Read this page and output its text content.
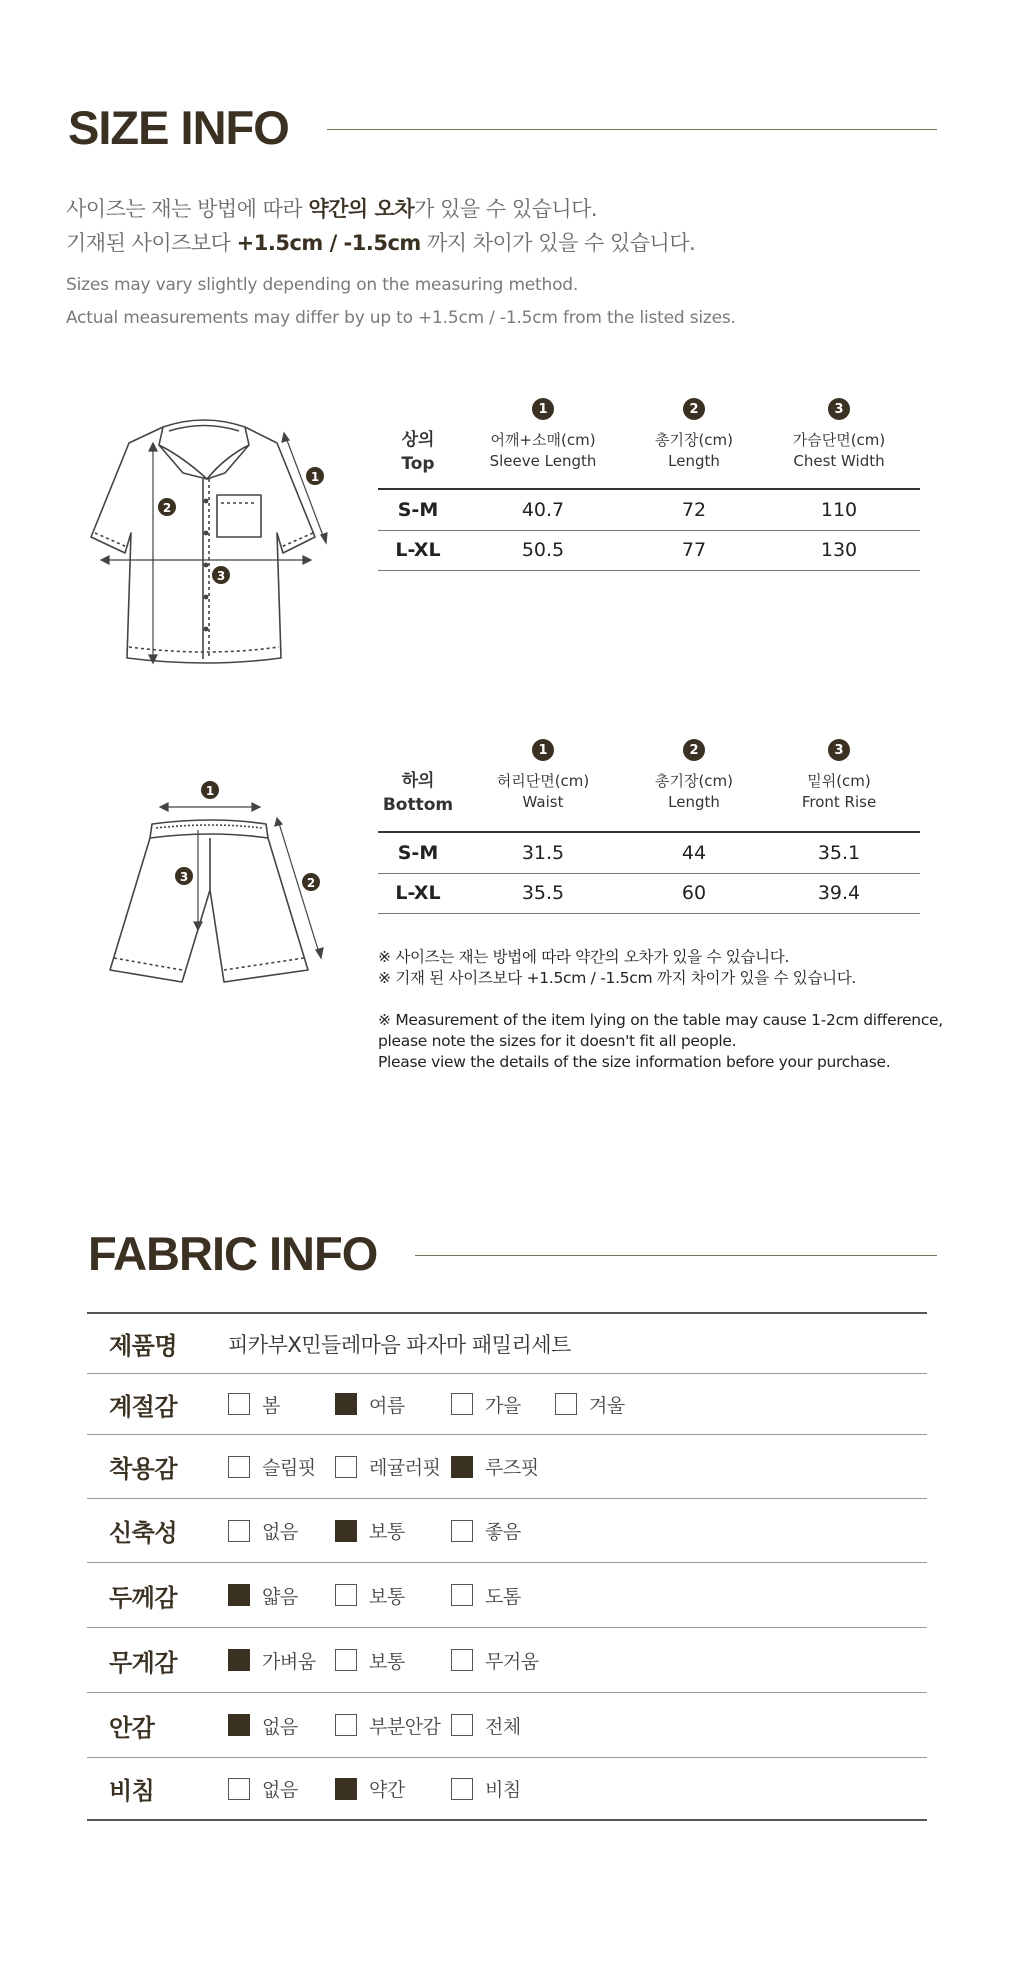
SIZE INFO
사이즈는 재는 방법에 따라 약간의 오차가 있을 수 있습니다.
기재된 사이즈보다 +1.5cm / -1.5cm 까지 차이가 있을 수 있습니다.
Sizes may vary slightly depending on the measuring method.
Actual measurements may differ by up to +1.5cm / -1.5cm from the listed sizes.
1
2
3
상의
Top
1
어깨+소매(cm)
Sleeve Length
2
총기장(cm)
Length
3
가슴단면(cm)
Chest Width
S-M	40.7	72	110
L-XL	50.5	77	130
1
2
3
하의
Bottom
1
허리단면(cm)
Waist
2
총기장(cm)
Length
3
밑위(cm)
Front Rise
S-M	31.5	44	35.1
L-XL	35.5	60	39.4
※ 사이즈는 재는 방법에 따라 약간의 오차가 있을 수 있습니다.
※ 기재 된 사이즈보다 +1.5cm / -1.5cm 까지 차이가 있을 수 있습니다.
※ Measurement of the item lying on the table may cause 1-2cm difference,
please note the sizes for it doesn't fit all people.
Please view the details of the size information before your purchase.
FABRIC INFO
제품명 피카부X민들레마음 파자마 패밀리세트
계절감	봄	여름	가을	겨울
착용감	슬림핏	레귤러핏 루즈핏
신축성	없음	보통	좋음
두께감	얇음	보통	도톰
무게감	가벼움	보통	무거움
안감	없음	부분안감 전체
비침	없음	약간	비침
